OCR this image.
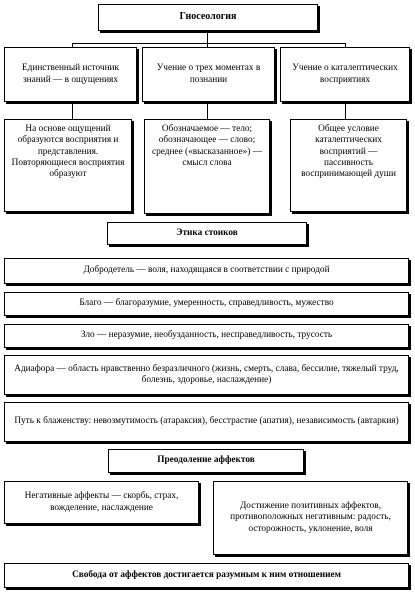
Гносеология
Единственный источник знаний — в ощущениях
Учение о трех моментах в познании
Учение о каталептических восприятиях
На основе ощущений образуются восприятия и представления. Повторяющиеся восприятия образуют
Обозначаемое — тело; обозначающее — слово; среднее («высказанное») — смысл слова
Общее условие каталептических восприятий — пассивность воспринимающей души
Этика стоиков
Добродетель — воля, находящаяся в соответствии с природой
Благо — благоразумие, умеренность, справедливость, мужество
Зло — неразумие, необузданность, несправедливость, трусость
Адиафора — область нравственно безразличного (жизнь, смерть, слава, бессилие, тяжелый труд, болезнь, здоровье, наслаждение)
Путь к блаженству: невозмутимость (атараксия), бесстрастие (апатия), независимость (автаркия)
Преодоление аффектов
Негативные аффекты — скорбь, страх, вожделение, наслаждение	Достижение позитивных аффектов, противоположных негативным: радость, осторожность, уклонение, воля
Свобода от аффектов достигается разумным к ним отношением
